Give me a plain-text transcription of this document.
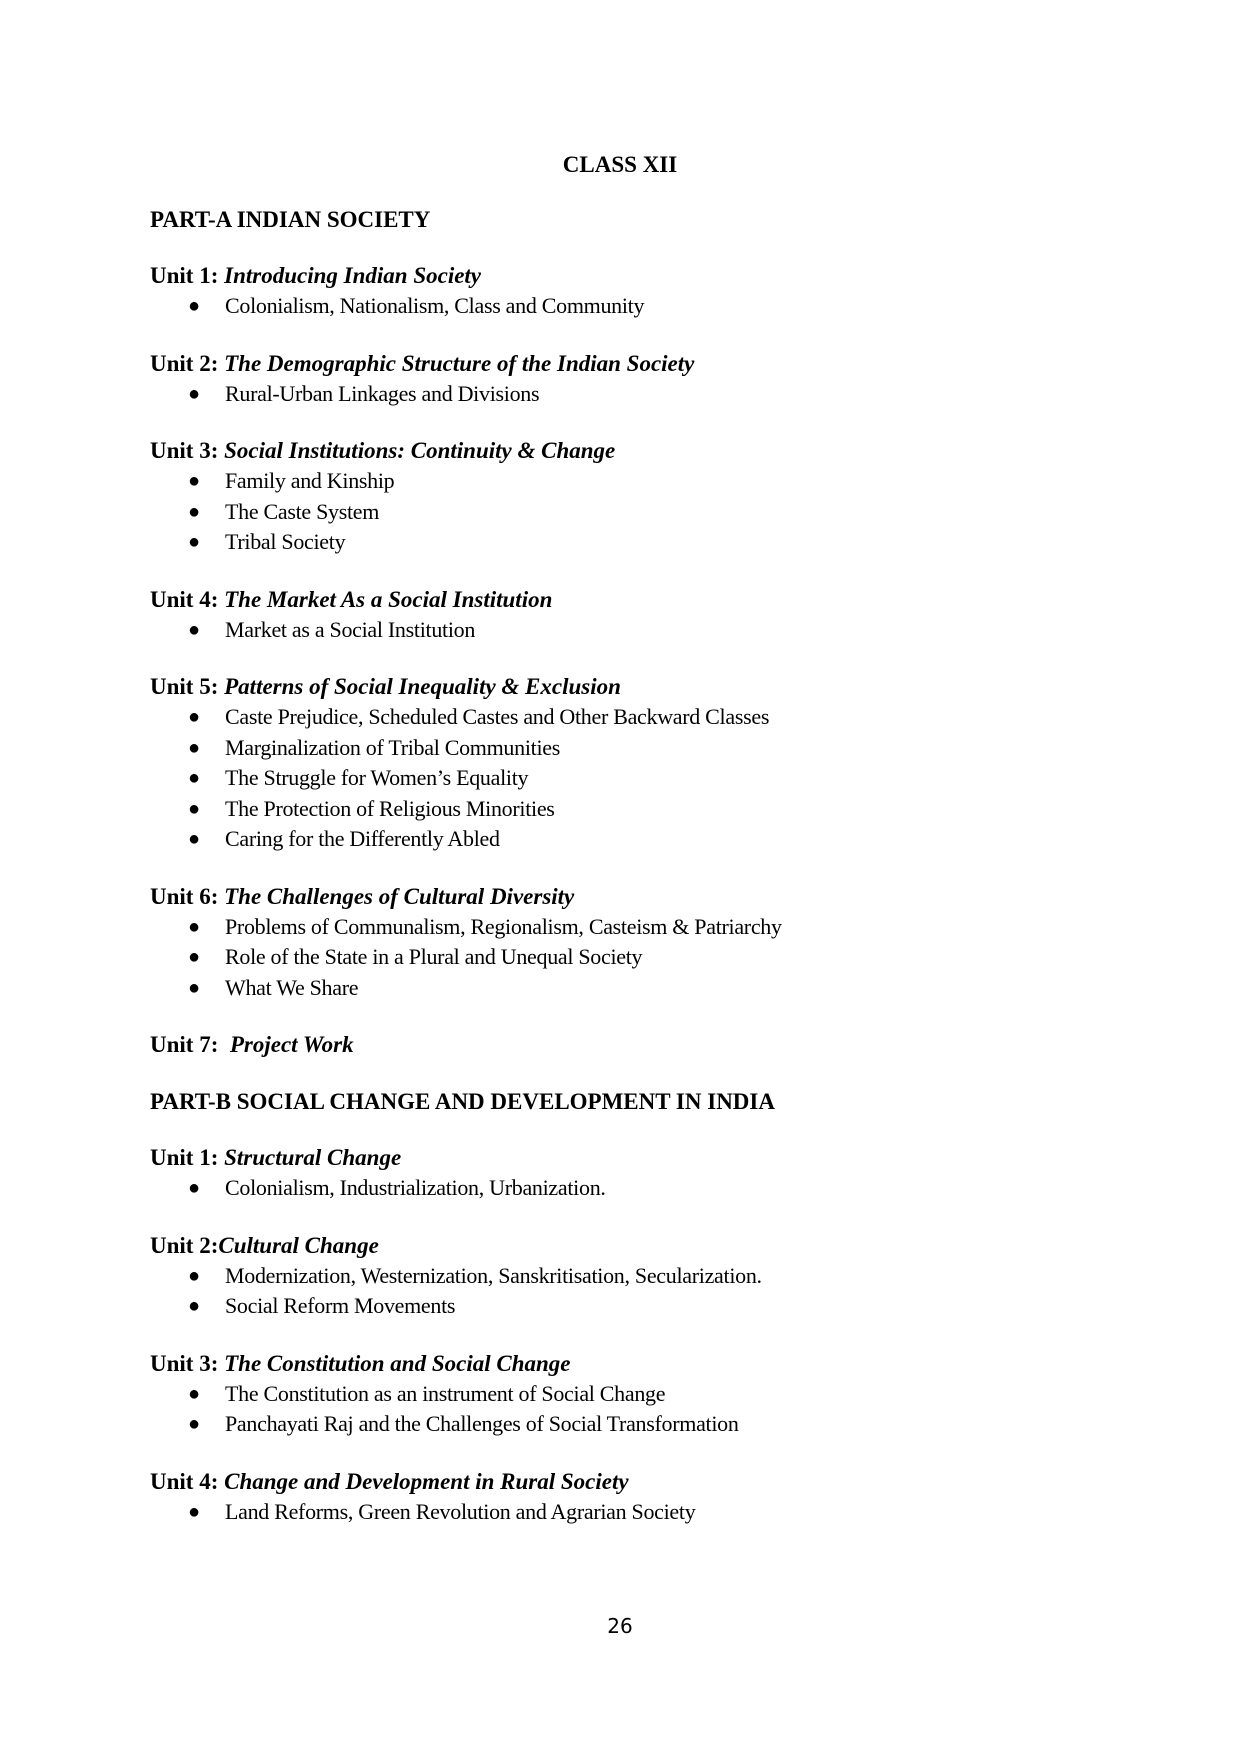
CLASS XII
PART-A INDIAN SOCIETY
Unit 1: Introducing Indian Society
● Colonialism, Nationalism, Class and Community
Unit 2: The Demographic Structure of the Indian Society
● Rural-Urban Linkages and Divisions
Unit 3: Social Institutions: Continuity & Change
● Family and Kinship
● The Caste System
● Tribal Society
Unit 4: The Market As a Social Institution
● Market as a Social Institution
Unit 5: Patterns of Social Inequality & Exclusion
● Caste Prejudice, Scheduled Castes and Other Backward Classes
● Marginalization of Tribal Communities
● The Struggle for Women’s Equality
● The Protection of Religious Minorities
● Caring for the Differently Abled
Unit 6: The Challenges of Cultural Diversity
● Problems of Communalism, Regionalism, Casteism & Patriarchy
● Role of the State in a Plural and Unequal Society
● What We Share
Unit 7: Project Work
PART-B SOCIAL CHANGE AND DEVELOPMENT IN INDIA
Unit 1: Structural Change
● Colonialism, Industrialization, Urbanization.
Unit 2:Cultural Change
● Modernization, Westernization, Sanskritisation, Secularization.
● Social Reform Movements
Unit 3: The Constitution and Social Change
● The Constitution as an instrument of Social Change
● Panchayati Raj and the Challenges of Social Transformation
Unit 4: Change and Development in Rural Society
● Land Reforms, Green Revolution and Agrarian Society
26
